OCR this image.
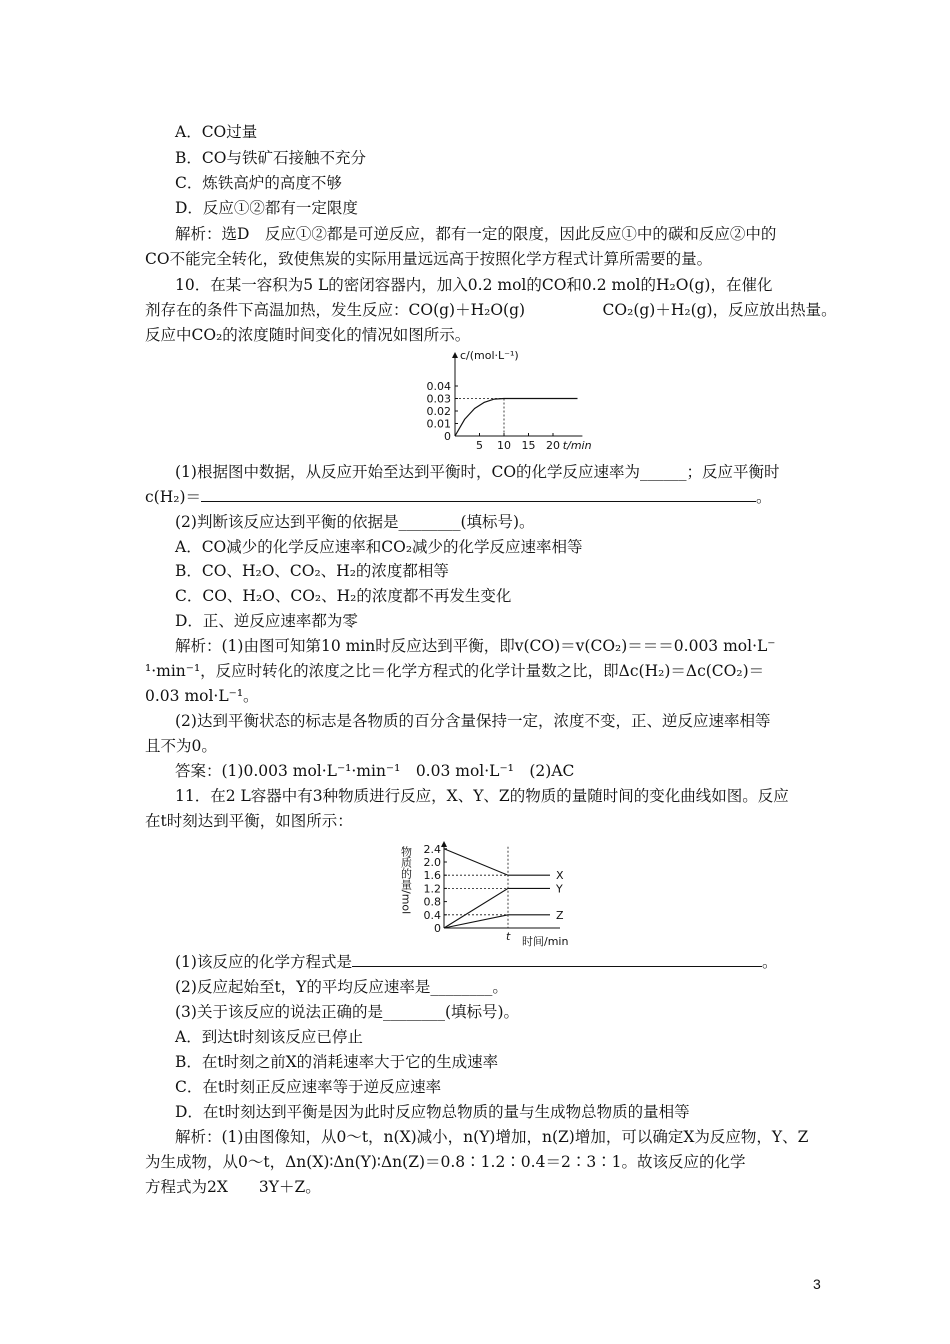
A．CO过量
B．CO与铁矿石接触不充分
C．炼铁高炉的高度不够
D．反应①②都有一定限度
解析：选D　反应①②都是可逆反应，都有一定的限度，因此反应①中的碳和反应②中的
CO不能完全转化，致使焦炭的实际用量远远高于按照化学方程式计算所需要的量。
10．在某一容积为5 L的密闭容器内，加入0.2 mol的CO和0.2 mol的H₂O(g)，在催化
剂存在的条件下高温加热，发生反应：CO(g)＋H₂O(g)　　　　　CO₂(g)＋H₂(g)，反应放出热量。
反应中CO₂的浓度随时间变化的情况如图所示。
0.01
0.02
0.03
0.04
5 10 15 20
0
c/(mol·L⁻¹)
t/min
(1)根据图中数据，从反应开始至达到平衡时，CO的化学反应速率为______；反应平衡时
c(H₂)＝	。
(2)判断该反应达到平衡的依据是________(填标号)。
A．CO减少的化学反应速率和CO₂减少的化学反应速率相等
B．CO、H₂O、CO₂、H₂的浓度都相等
C．CO、H₂O、CO₂、H₂的浓度都不再发生变化
D．正、逆反应速率都为零
解析：(1)由图可知第10 min时反应达到平衡，即v(CO)＝v(CO₂)＝＝＝0.003 mol·L⁻
¹·min⁻¹，反应时转化的浓度之比＝化学方程式的化学计量数之比，即Δc(H₂)＝Δc(CO₂)＝
0.03 mol·L⁻¹。
(2)达到平衡状态的标志是各物质的百分含量保持一定，浓度不变，正、逆反应速率相等
且不为0。
答案：(1)0.003 mol·L⁻¹·min⁻¹　0.03 mol·L⁻¹　(2)AC
11．在2 L容器中有3种物质进行反应，X、Y、Z的物质的量随时间的变化曲线如图。反应
在t时刻达到平衡，如图所示：
0.4
0.8
1.2
1.6
2.0
2.4
0
t 时间/min
物质的量/mol	X
Y
Z
(1)该反应的化学方程式是	。
(2)反应起始至t，Y的平均反应速率是________。
(3)关于该反应的说法正确的是________(填标号)。
A．到达t时刻该反应已停止
B．在t时刻之前X的消耗速率大于它的生成速率
C．在t时刻正反应速率等于逆反应速率
D．在t时刻达到平衡是因为此时反应物总物质的量与生成物总物质的量相等
解析：(1)由图像知，从0～t，n(X)减小，n(Y)增加，n(Z)增加，可以确定X为反应物，Y、Z
为生成物，从0～t，Δn(X)∶Δn(Y)∶Δn(Z)＝0.8∶1.2∶0.4＝2∶3∶1。故该反应的化学
方程式为2X　　3Y＋Z。
3
